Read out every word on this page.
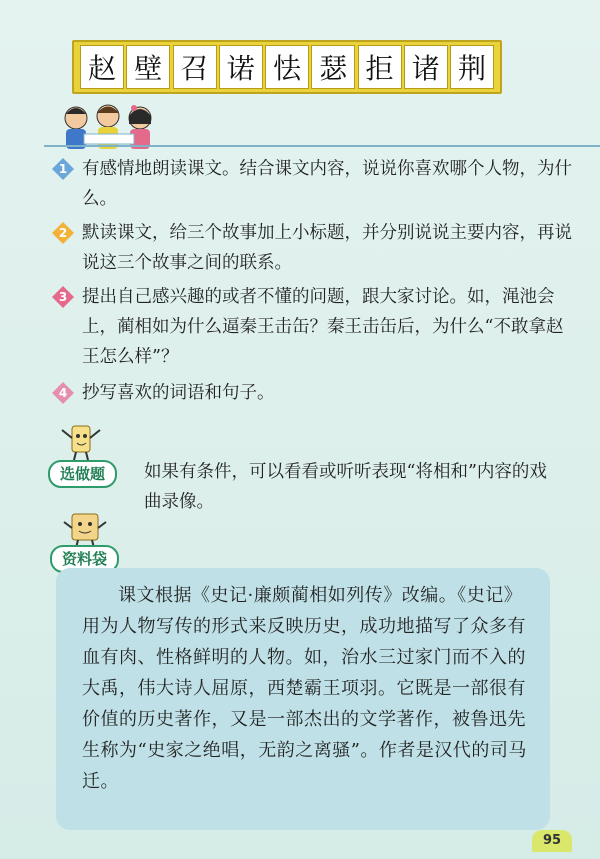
赵 壁 召 诺 怯 瑟 拒 诸 荆
1 有感情地朗读课文。结合课文内容，说说你喜欢哪个人物，为什么。
2 默读课文，给三个故事加上小标题，并分别说说主要内容，再说说这三个故事之间的联系。
3 提出自己感兴趣的或者不懂的问题，跟大家讨论。如，渑池会上，蔺相如为什么逼秦王击缶？秦王击缶后，为什么“不敢拿赵王怎么样”？
4 抄写喜欢的词语和句子。
选做题	如果有条件，可以看看或听听表现“将相和”内容的戏曲录像。
资料袋
课文根据《史记·廉颇蔺相如列传》改编。《史记》用为人物写传的形式来反映历史，成功地描写了众多有血有肉、性格鲜明的人物。如，治水三过家门而不入的大禹，伟大诗人屈原，西楚霸王项羽。它既是一部很有价值的历史著作，又是一部杰出的文学著作，被鲁迅先生称为“史家之绝唱，无韵之离骚”。作者是汉代的司马迁。
95
